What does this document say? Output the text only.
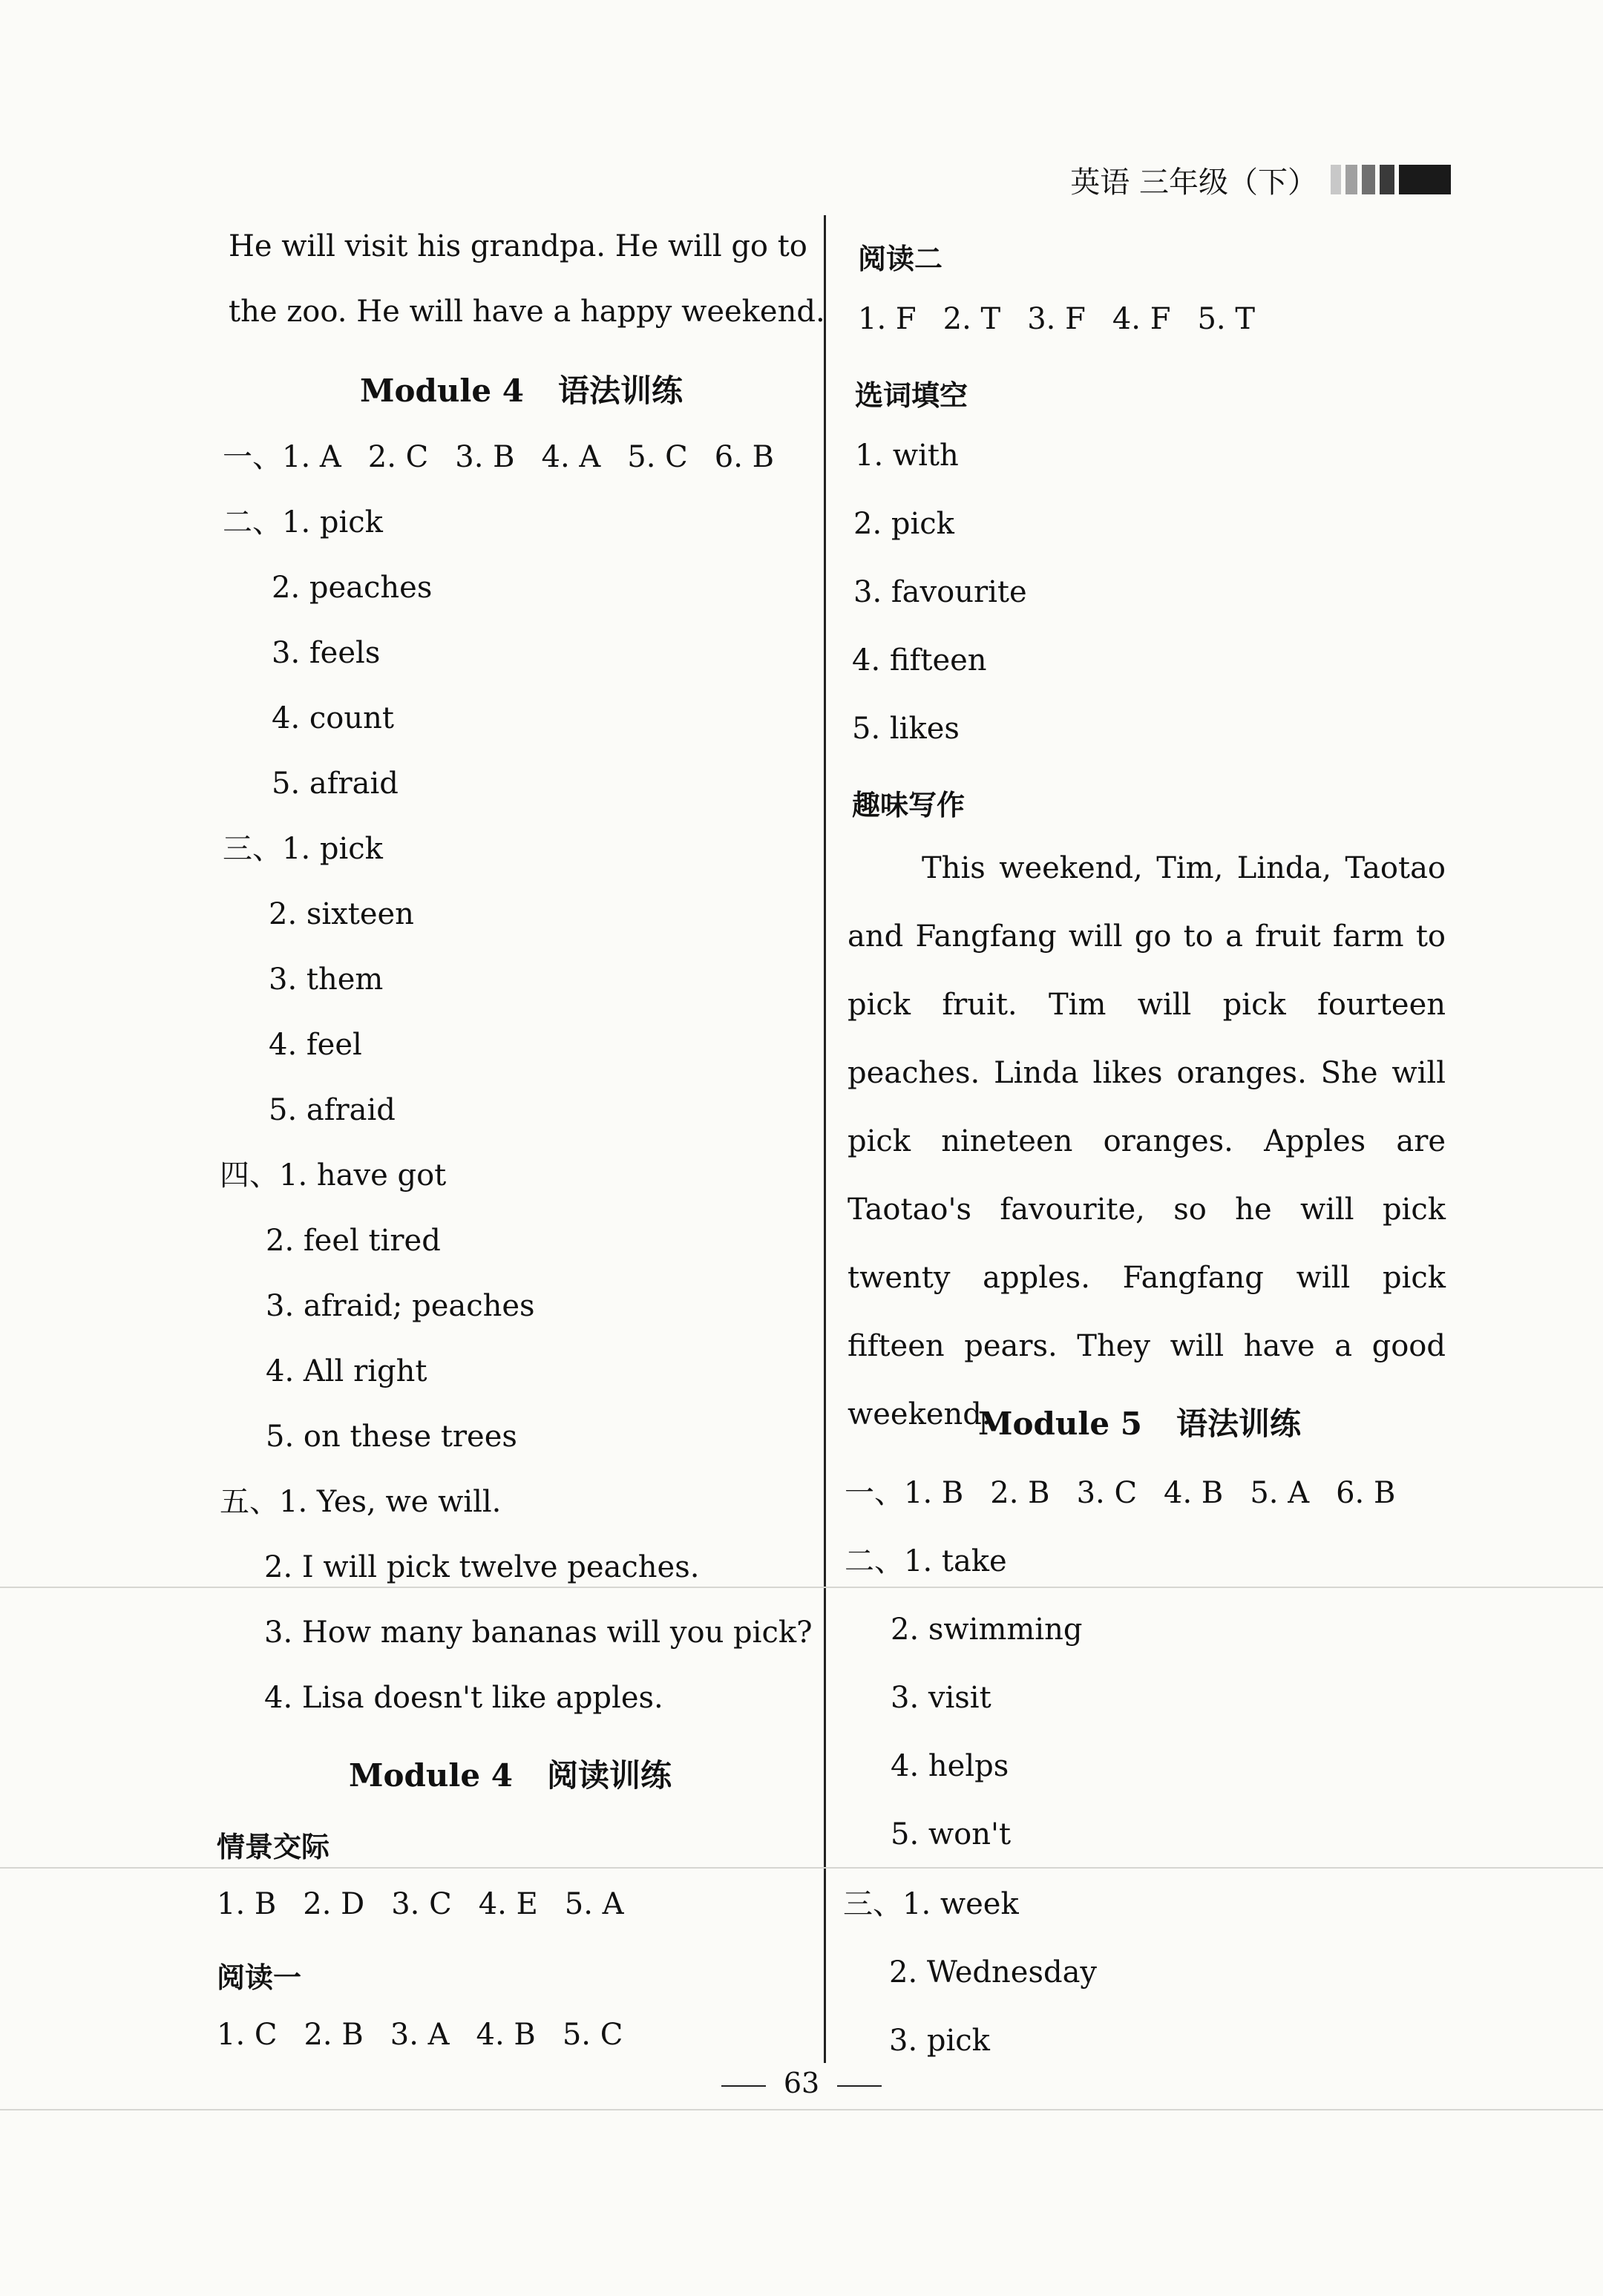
英语 三年级（下）
He will visit his grandpa. He will go to
the zoo. He will have a happy weekend.
Module 4 语法训练
一、1. A 2. C 3. B 4. A 5. C 6. B
二、1. pick
2. peaches
3. feels
4. count
5. afraid
三、1. pick
2. sixteen
3. them
4. feel
5. afraid
四、1. have got
2. feel tired
3. afraid; peaches
4. All right
5. on these trees
五、1. Yes, we will.
2. I will pick twelve peaches.
3. How many bananas will you pick?
4. Lisa doesn't like apples.
Module 4 阅读训练
情景交际
1. B 2. D 3. C 4. E 5. A
阅读一
1. C 2. B 3. A 4. B 5. C
阅读二
1. F 2. T 3. F 4. F 5. T
选词填空
1. with
2. pick
3. favourite
4. fifteen
5. likes
趣味写作
This weekend, Tim, Linda, Taotao and Fangfang will go to a fruit farm to pick fruit. Tim will pick fourteen peaches. Linda likes oranges. She will pick nineteen oranges. Apples are Taotao's favourite, so he will pick twenty apples. Fangfang will pick fifteen pears. They will have a good weekend.
Module 5 语法训练
一、1. B 2. B 3. C 4. B 5. A 6. B
二、1. take
2. swimming
3. visit
4. helps
5. won't
三、1. week
2. Wednesday
3. pick
63
